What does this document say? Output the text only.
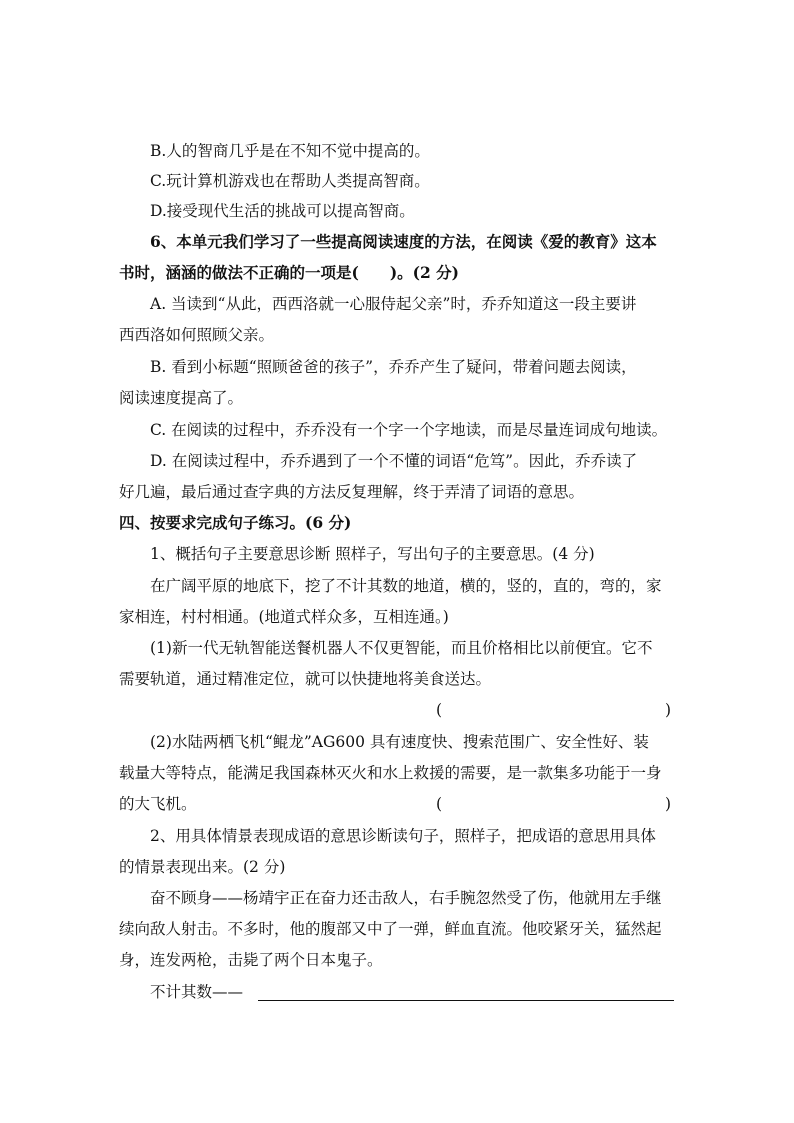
B.人的智商几乎是在不知不觉中提高的。
C.玩计算机游戏也在帮助人类提高智商。
D.接受现代生活的挑战可以提高智商。
6、本单元我们学习了一些提高阅读速度的方法，在阅读《爱的教育》这本
书时，涵涵的做法不正确的一项是(　　)。(2 分)
A. 当读到“从此，西西洛就一心服侍起父亲”时，乔乔知道这一段主要讲
西西洛如何照顾父亲。
B. 看到小标题“照顾爸爸的孩子”，乔乔产生了疑问，带着问题去阅读，
阅读速度提高了。
C. 在阅读的过程中，乔乔没有一个字一个字地读，而是尽量连词成句地读。
D. 在阅读过程中，乔乔遇到了一个不懂的词语“危笃”。因此，乔乔读了
好几遍，最后通过查字典的方法反复理解，终于弄清了词语的意思。
四、按要求完成句子练习。(6 分)
1、概括句子主要意思诊断 照样子，写出句子的主要意思。(4 分)
在广阔平原的地底下，挖了不计其数的地道，横的，竖的，直的，弯的，家
家相连，村村相通。(地道式样众多，互相连通。)
(1)新一代无轨智能送餐机器人不仅更智能，而且价格相比以前便宜。它不
需要轨道，通过精准定位，就可以快捷地将美食送达。
(	)
(2)水陆两栖飞机“鲲龙”AG600 具有速度快、搜索范围广、安全性好、装
载量大等特点，能满足我国森林灭火和水上救援的需要，是一款集多功能于一身
的大飞机。	(	)
2、用具体情景表现成语的意思诊断读句子，照样子，把成语的意思用具体
的情景表现出来。(2 分)
奋不顾身——杨靖宇正在奋力还击敌人，右手腕忽然受了伤，他就用左手继
续向敌人射击。不多时，他的腹部又中了一弹，鲜血直流。他咬紧牙关，猛然起
身，连发两枪，击毙了两个日本鬼子。
不计其数——
